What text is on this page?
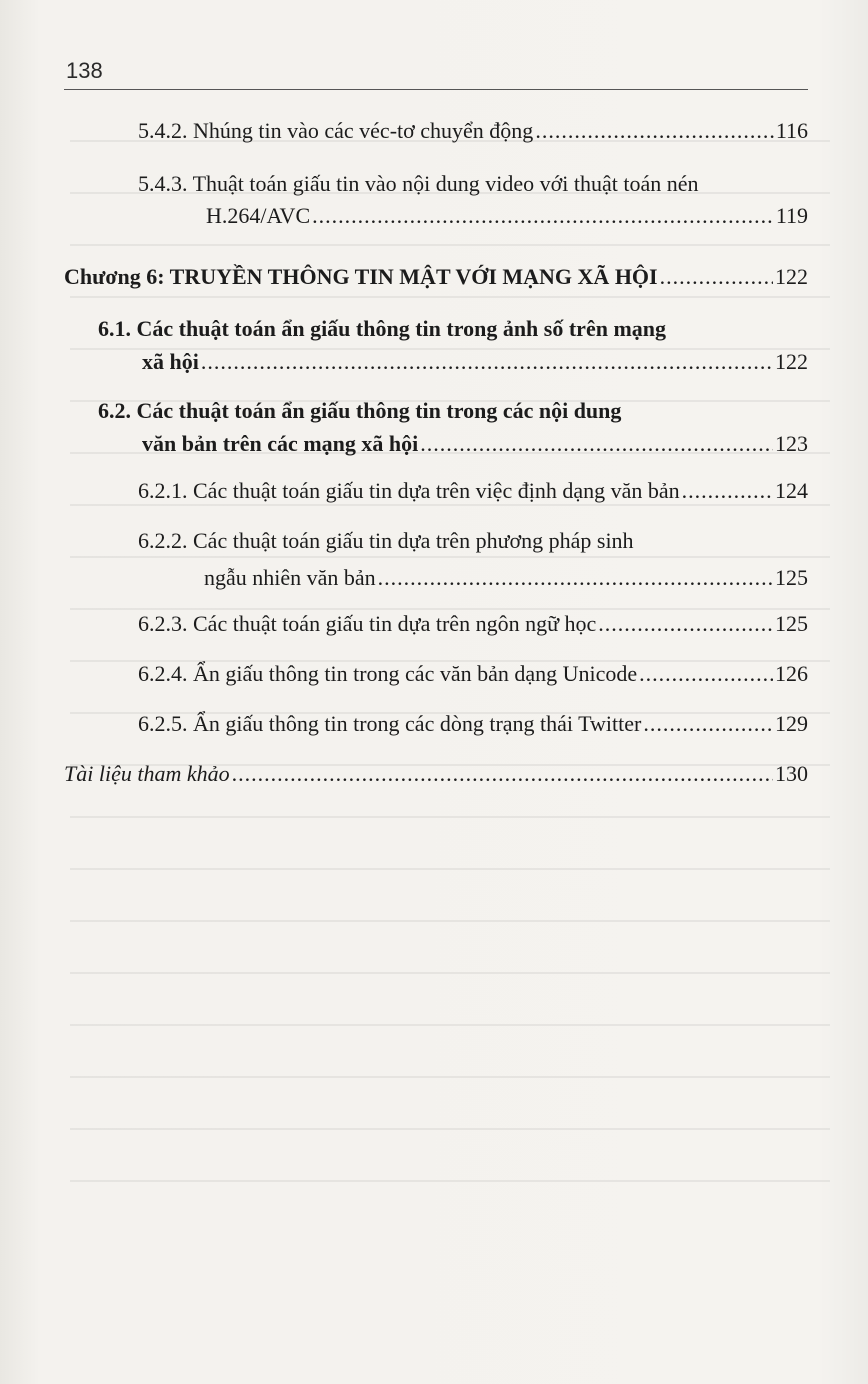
138
5.4.2. Nhúng tin vào các véc-tơ chuyển động .....	116
5.4.3. Thuật toán giấu tin vào nội dung video với thuật toán nén
H.264/AVC .....	119
Chương 6: TRUYỀN THÔNG TIN MẬT VỚI MẠNG XÃ HỘI .....	122
6.1. Các thuật toán ẩn giấu thông tin trong ảnh số trên mạng
xã hội .....	122
6.2. Các thuật toán ẩn giấu thông tin trong các nội dung
văn bản trên các mạng xã hội .....	123
6.2.1. Các thuật toán giấu tin dựa trên việc định dạng văn bản .....	124
6.2.2. Các thuật toán giấu tin dựa trên phương pháp sinh
ngẫu nhiên văn bản .....	125
6.2.3. Các thuật toán giấu tin dựa trên ngôn ngữ học .....	125
6.2.4. Ẩn giấu thông tin trong các văn bản dạng Unicode .....	126
6.2.5. Ẩn giấu thông tin trong các dòng trạng thái Twitter .....	129
Tài liệu tham khảo .....	130
